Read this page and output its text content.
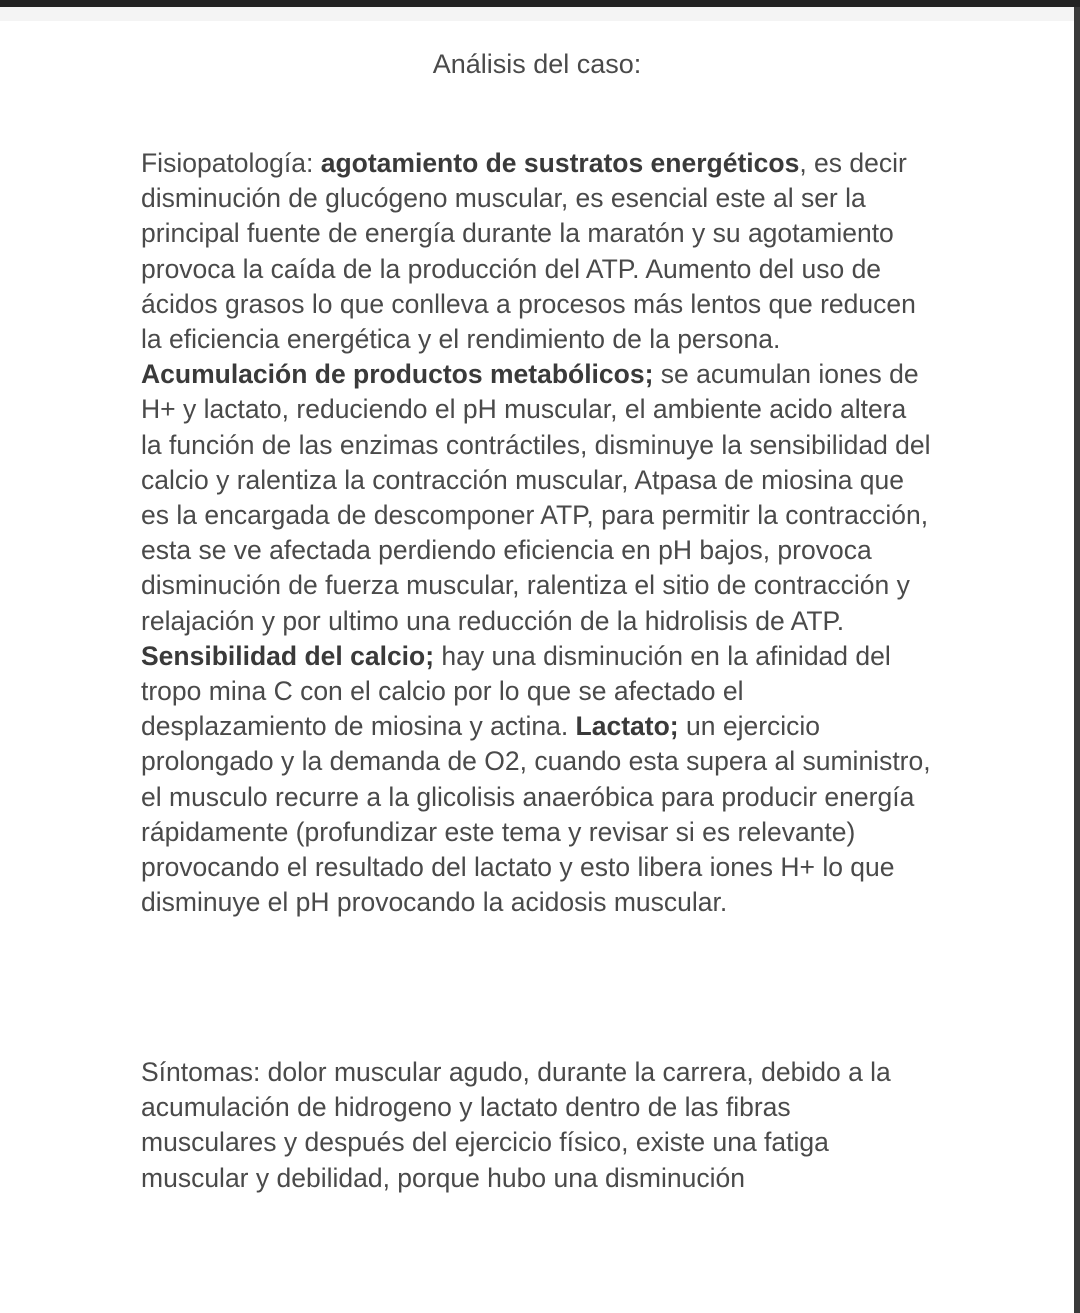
Análisis del caso:

Fisiopatología: agotamiento de sustratos energéticos, es decir disminución de glucógeno muscular, es esencial este al ser la principal fuente de energía durante la maratón y su agotamiento provoca la caída de la producción del ATP. Aumento del uso de ácidos grasos lo que conlleva a procesos más lentos que reducen la eficiencia energética y el rendimiento de la persona. Acumulación de productos metabólicos; se acumulan iones de H+ y lactato, reduciendo el pH muscular, el ambiente acido altera la función de las enzimas contráctiles, disminuye la sensibilidad del calcio y ralentiza la contracción muscular, Atpasa de miosina que es la encargada de descomponer ATP, para permitir la contracción, esta se ve afectada perdiendo eficiencia en pH bajos, provoca disminución de fuerza muscular, ralentiza el sitio de contracción y relajación y por ultimo una reducción de la hidrolisis de ATP. Sensibilidad del calcio; hay una disminución en la afinidad del tropo mina C con el calcio por lo que se afectado el desplazamiento de miosina y actina. Lactato; un ejercicio prolongado y la demanda de O2, cuando esta supera al suministro, el musculo recurre a la glicolisis anaeróbica para producir energía rápidamente (profundizar este tema y revisar si es relevante) provocando el resultado del lactato y esto libera iones H+ lo que disminuye el pH provocando la acidosis muscular.

Síntomas: dolor muscular agudo, durante la carrera, debido a la acumulación de hidrogeno y lactato dentro de las fibras musculares y después del ejercicio físico, existe una fatiga muscular y debilidad, porque hubo una disminución
